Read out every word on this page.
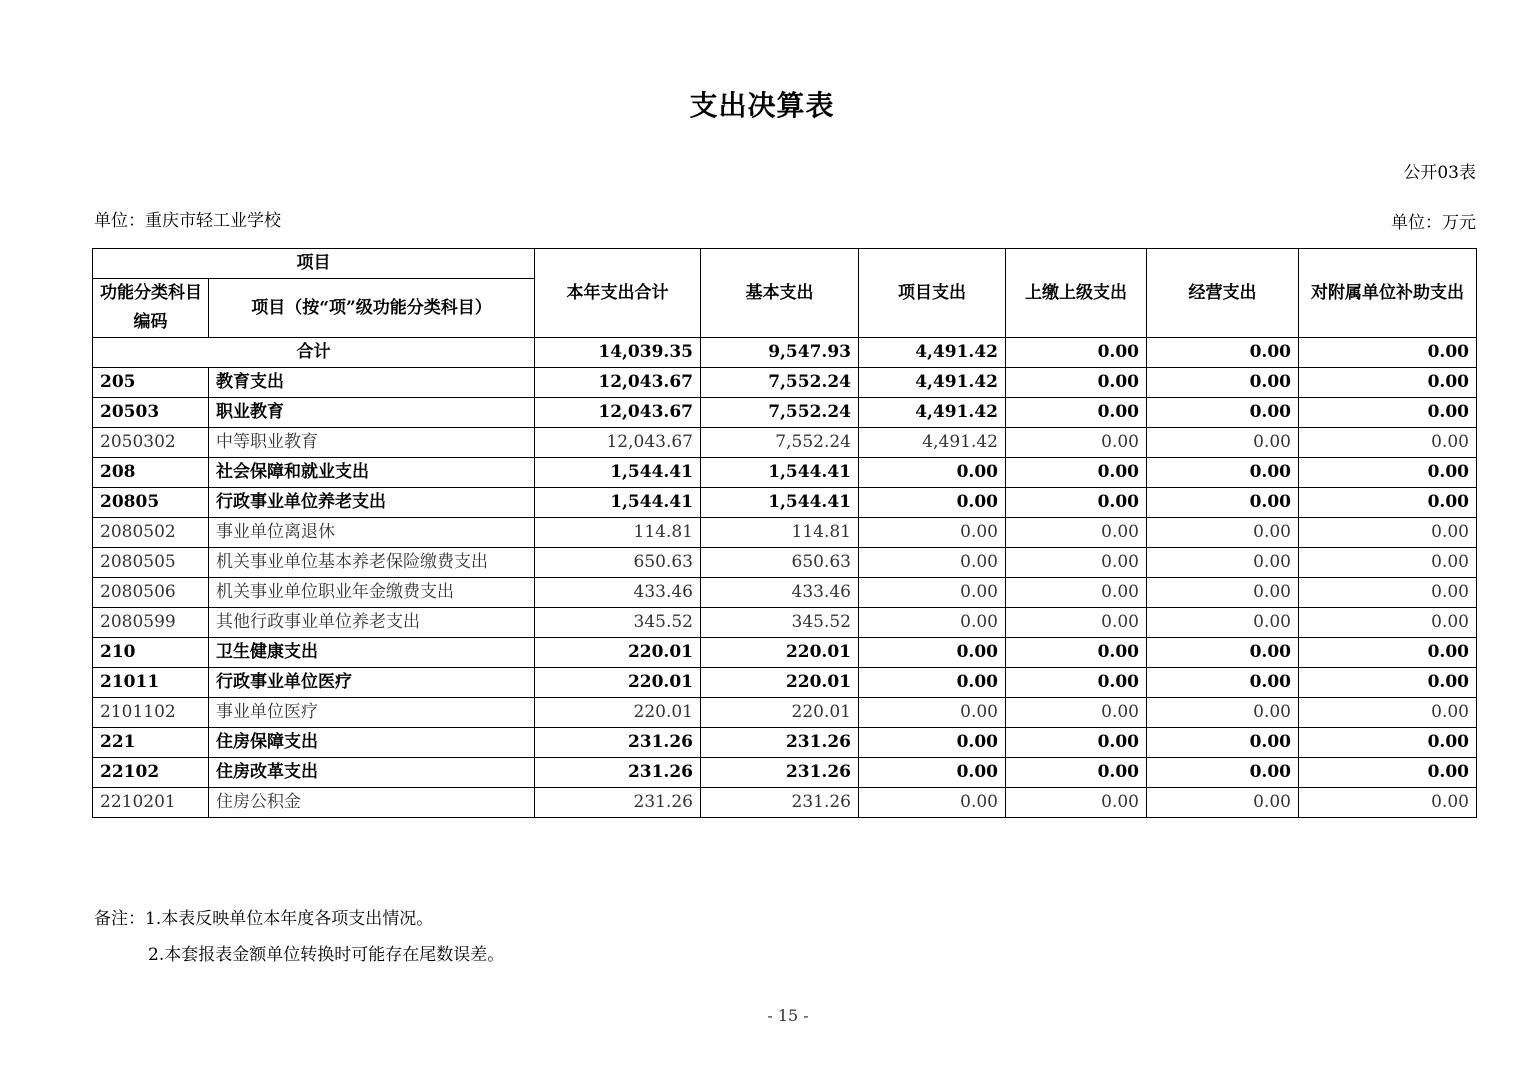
支出决算表
公开03表
单位：重庆市轻工业学校	单位：万元
项目		本年支出合计	基本支出	项目支出	上缴上级支出	经营支出	对附属单位补助支出

功能分类科目
编码	项目（按“项”级功能分类科目）						
合计		14,039.35	9,547.93	4,491.42	0.00	0.00	0.00
205	教育支出	12,043.67	7,552.24	4,491.42	0.00	0.00	0.00
20503	职业教育	12,043.67	7,552.24	4,491.42	0.00	0.00	0.00
2050302	中等职业教育	12,043.67	7,552.24	4,491.42	0.00	0.00	0.00
208	社会保障和就业支出	1,544.41	1,544.41	0.00	0.00	0.00	0.00
20805	行政事业单位养老支出	1,544.41	1,544.41	0.00	0.00	0.00	0.00
2080502	事业单位离退休	114.81	114.81	0.00	0.00	0.00	0.00
2080505	机关事业单位基本养老保险缴费支出	650.63	650.63	0.00	0.00	0.00	0.00
2080506	机关事业单位职业年金缴费支出	433.46	433.46	0.00	0.00	0.00	0.00
2080599	其他行政事业单位养老支出	345.52	345.52	0.00	0.00	0.00	0.00
210	卫生健康支出	220.01	220.01	0.00	0.00	0.00	0.00
21011	行政事业单位医疗	220.01	220.01	0.00	0.00	0.00	0.00
2101102	事业单位医疗	220.01	220.01	0.00	0.00	0.00	0.00
221	住房保障支出	231.26	231.26	0.00	0.00	0.00	0.00
22102	住房改革支出	231.26	231.26	0.00	0.00	0.00	0.00
2210201	住房公积金	231.26	231.26	0.00	0.00	0.00	0.00
备注：1.本表反映单位本年度各项支出情况。
2.本套报表金额单位转换时可能存在尾数误差。
- 15 -
